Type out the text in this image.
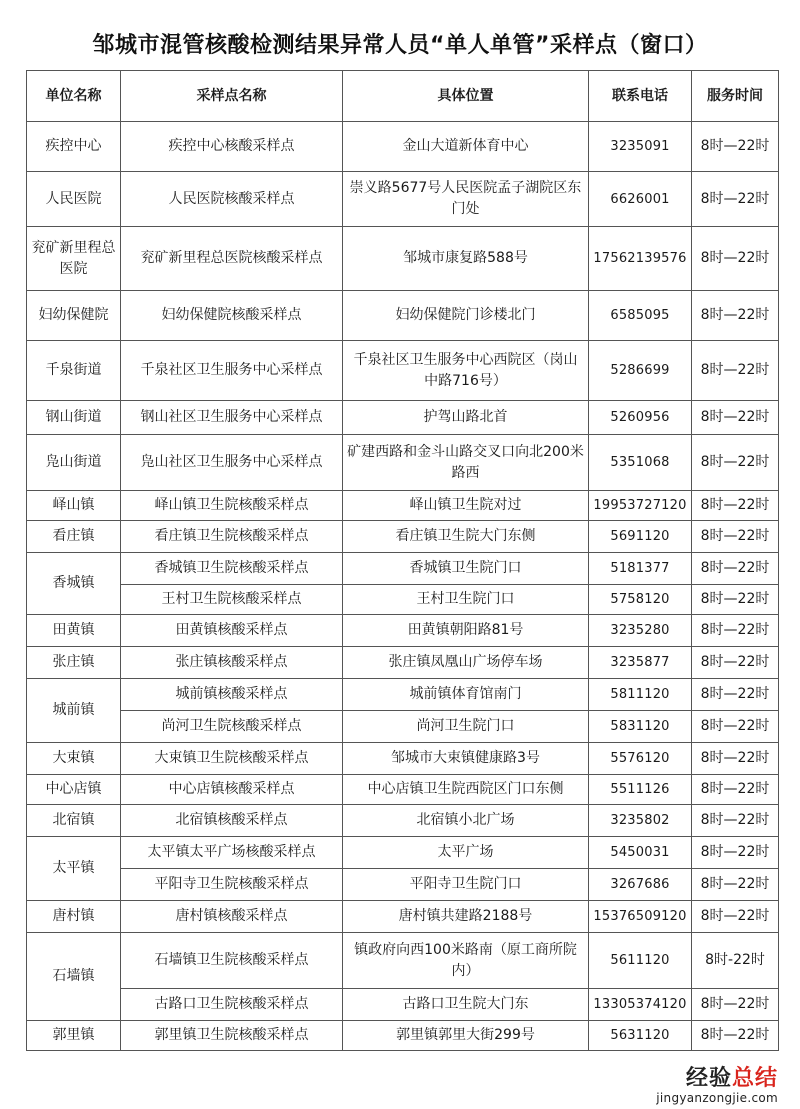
邹城市混管核酸检测结果异常人员“单人单管”采样点（窗口）
单位名称	采样点名称	具体位置	联系电话	服务时间
疾控中心	疾控中心核酸采样点	金山大道新体育中心	3235091	8时—22时
人民医院	人民医院核酸采样点	崇义路5677号人民医院孟子湖院区东门处	6626001	8时—22时
兖矿新里程总医院	兖矿新里程总医院核酸采样点	邹城市康复路588号	17562139576	8时—22时
妇幼保健院	妇幼保健院核酸采样点	妇幼保健院门诊楼北门	6585095	8时—22时
千泉街道	千泉社区卫生服务中心采样点	千泉社区卫生服务中心西院区（岗山中路716号）	5286699	8时—22时
钢山街道	钢山社区卫生服务中心采样点	护驾山路北首	5260956	8时—22时
凫山街道	凫山社区卫生服务中心采样点	矿建西路和金斗山路交叉口向北200米路西	5351068	8时—22时
峄山镇	峄山镇卫生院核酸采样点	峄山镇卫生院对过	19953727120	8时—22时
看庄镇	看庄镇卫生院核酸采样点	看庄镇卫生院大门东侧	5691120	8时—22时
香城镇	香城镇卫生院核酸采样点	香城镇卫生院门口	5181377	8时—22时
	王村卫生院核酸采样点	王村卫生院门口	5758120	8时—22时
田黄镇	田黄镇核酸采样点	田黄镇朝阳路81号	3235280	8时—22时
张庄镇	张庄镇核酸采样点	张庄镇凤凰山广场停车场	3235877	8时—22时
城前镇	城前镇核酸采样点	城前镇体育馆南门	5811120	8时—22时
	尚河卫生院核酸采样点	尚河卫生院门口	5831120	8时—22时
大束镇	大束镇卫生院核酸采样点	邹城市大束镇健康路3号	5576120	8时—22时
中心店镇	中心店镇核酸采样点	中心店镇卫生院西院区门口东侧	5511126	8时—22时
北宿镇	北宿镇核酸采样点	北宿镇小北广场	3235802	8时—22时
太平镇	太平镇太平广场核酸采样点	太平广场	5450031	8时—22时
	平阳寺卫生院核酸采样点	平阳寺卫生院门口	3267686	8时—22时
唐村镇	唐村镇核酸采样点	唐村镇共建路2188号	15376509120	8时—22时
石墙镇	石墙镇卫生院核酸采样点	镇政府向西100米路南（原工商所院内）	5611120	8时-22时
	古路口卫生院核酸采样点	古路口卫生院大门东	13305374120	8时—22时
郭里镇	郭里镇卫生院核酸采样点	郭里镇郭里大街299号	5631120	8时—22时
经验总结
jingyanzongjie.com
